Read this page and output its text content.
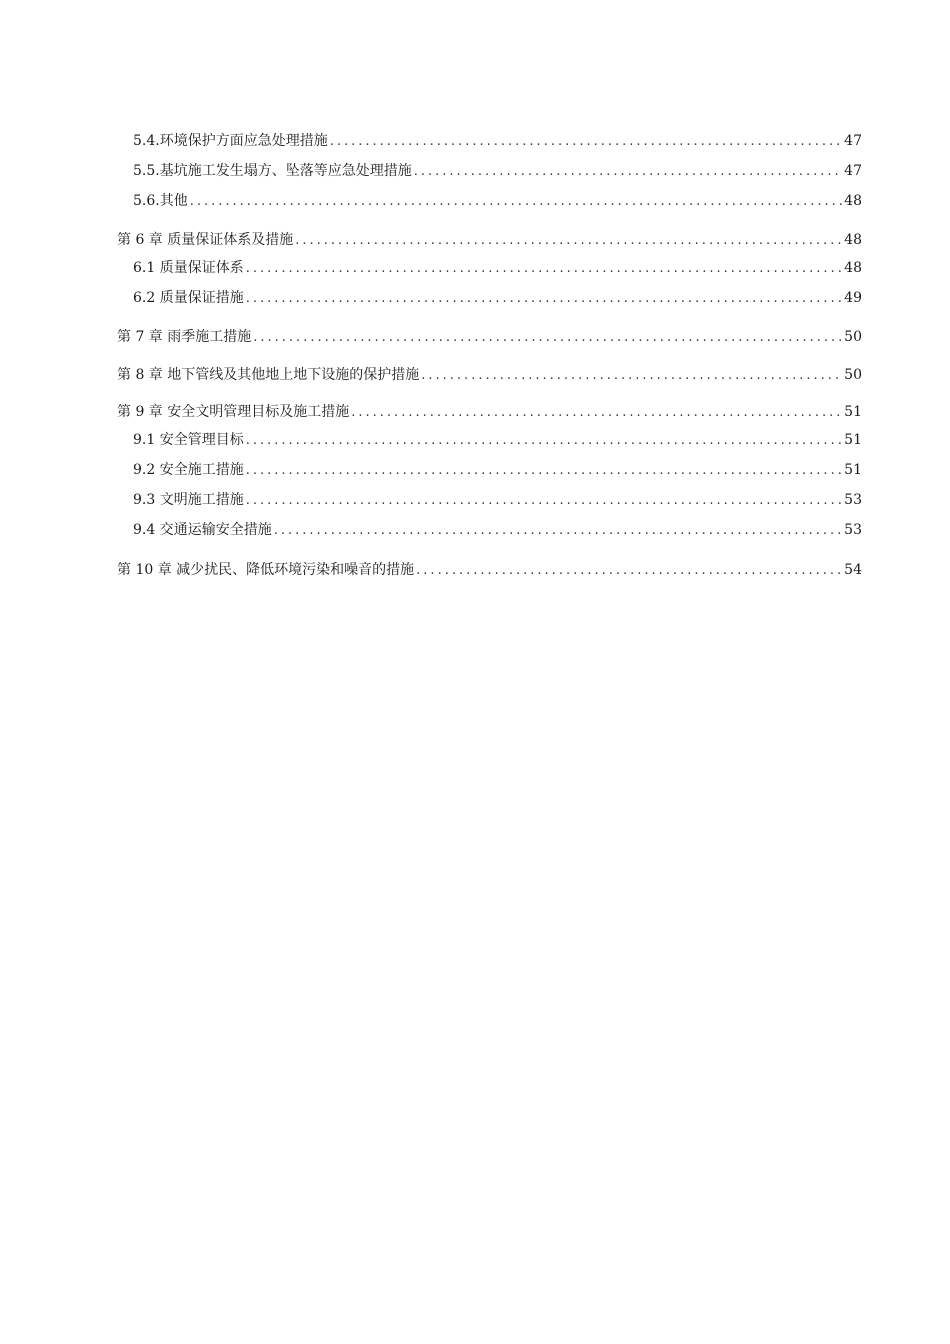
5.4.环境保护方面应急处理措施 .....	47
5.5.基坑施工发生塌方、坠落等应急处理措施 .....	47
5.6.其他 .....	48
第 6 章 质量保证体系及措施 .....	48
6.1 质量保证体系 .....	48
6.2 质量保证措施 .....	49
第 7 章 雨季施工措施 .....	50
第 8 章 地下管线及其他地上地下设施的保护措施 .....	50
第 9 章 安全文明管理目标及施工措施 .....	51
9.1 安全管理目标 .....	51
9.2 安全施工措施 .....	51
9.3 文明施工措施 .....	53
9.4 交通运输安全措施 .....	53
第 10 章 减少扰民、降低环境污染和噪音的措施 .....	54
